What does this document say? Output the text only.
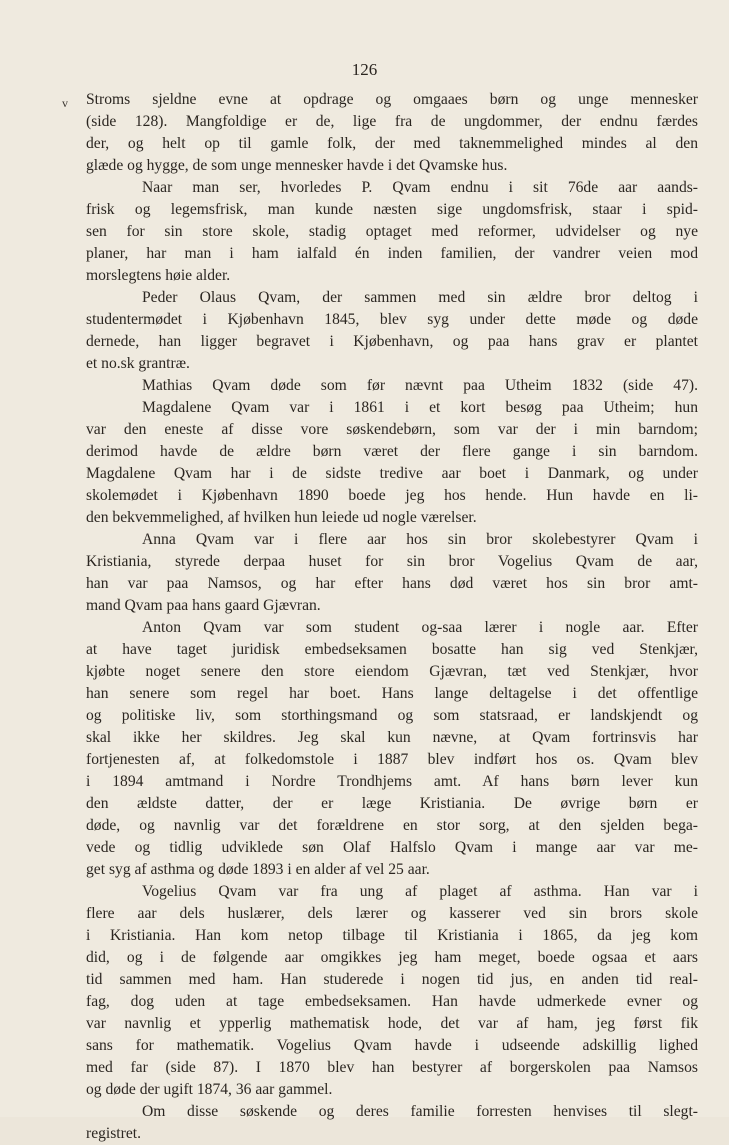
126
v Stroms sjeldne evne at opdrage og omgaaes børn og unge mennesker
(side 128). Mangfoldige er de, lige fra de ungdommer, der endnu færdes
der, og helt op til gamle folk, der med taknemmelighed mindes al den
glæde og hygge, de som unge mennesker havde i det Qvamske hus.
Naar man ser, hvorledes P. Qvam endnu i sit 76de aar aands-
frisk og legemsfrisk, man kunde næsten sige ungdomsfrisk, staar i spid-
sen for sin store skole, stadig optaget med reformer, udvidelser og nye
planer, har man i ham ialfald én inden familien, der vandrer veien mod
morslegtens høie alder.
Peder Olaus Qvam, der sammen med sin ældre bror deltog i
studentermødet i Kjøbenhavn 1845, blev syg under dette møde og døde
dernede, han ligger begravet i Kjøbenhavn, og paa hans grav er plantet
et no.sk grantræ.
Mathias Qvam døde som før nævnt paa Utheim 1832 (side 47).
Magdalene Qvam var i 1861 i et kort besøg paa Utheim; hun
var den eneste af disse vore søskendebørn, som var der i min barndom;
derimod havde de ældre børn været der flere gange i sin barndom.
Magdalene Qvam har i de sidste tredive aar boet i Danmark, og under
skolemødet i Kjøbenhavn 1890 boede jeg hos hende. Hun havde en li-
den bekvemmelighed, af hvilken hun leiede ud nogle værelser.
Anna Qvam var i flere aar hos sin bror skolebestyrer Qvam i
Kristiania, styrede derpaa huset for sin bror Vogelius Qvam de aar,
han var paa Namsos, og har efter hans død været hos sin bror amt-
mand Qvam paa hans gaard Gjævran.
Anton Qvam var som student og-saa lærer i nogle aar. Efter
at have taget juridisk embedseksamen bosatte han sig ved Stenkjær,
kjøbte noget senere den store eiendom Gjævran, tæt ved Stenkjær, hvor
han senere som regel har boet. Hans lange deltagelse i det offentlige
og politiske liv, som storthingsmand og som statsraad, er landskjendt og
skal ikke her skildres. Jeg skal kun nævne, at Qvam fortrinsvis har
fortjenesten af, at folkedomstole i 1887 blev indført hos os. Qvam blev
i 1894 amtmand i Nordre Trondhjems amt. Af hans børn lever kun
den ældste datter, der er læge Kristiania. De øvrige børn er
døde, og navnlig var det forældrene en stor sorg, at den sjelden bega-
vede og tidlig udviklede søn Olaf Halfslo Qvam i mange aar var me-
get syg af asthma og døde 1893 i en alder af vel 25 aar.
Vogelius Qvam var fra ung af plaget af asthma. Han var i
flere aar dels huslærer, dels lærer og kasserer ved sin brors skole
i Kristiania. Han kom netop tilbage til Kristiania i 1865, da jeg kom
did, og i de følgende aar omgikkes jeg ham meget, boede ogsaa et aars
tid sammen med ham. Han studerede i nogen tid jus, en anden tid real-
fag, dog uden at tage embedseksamen. Han havde udmerkede evner og
var navnlig et ypperlig mathematisk hode, det var af ham, jeg først fik
sans for mathematik. Vogelius Qvam havde i udseende adskillig lighed
med far (side 87). I 1870 blev han bestyrer af borgerskolen paa Namsos
og døde der ugift 1874, 36 aar gammel.
Om disse søskende og deres familie forresten henvises til slegt-
registret.
